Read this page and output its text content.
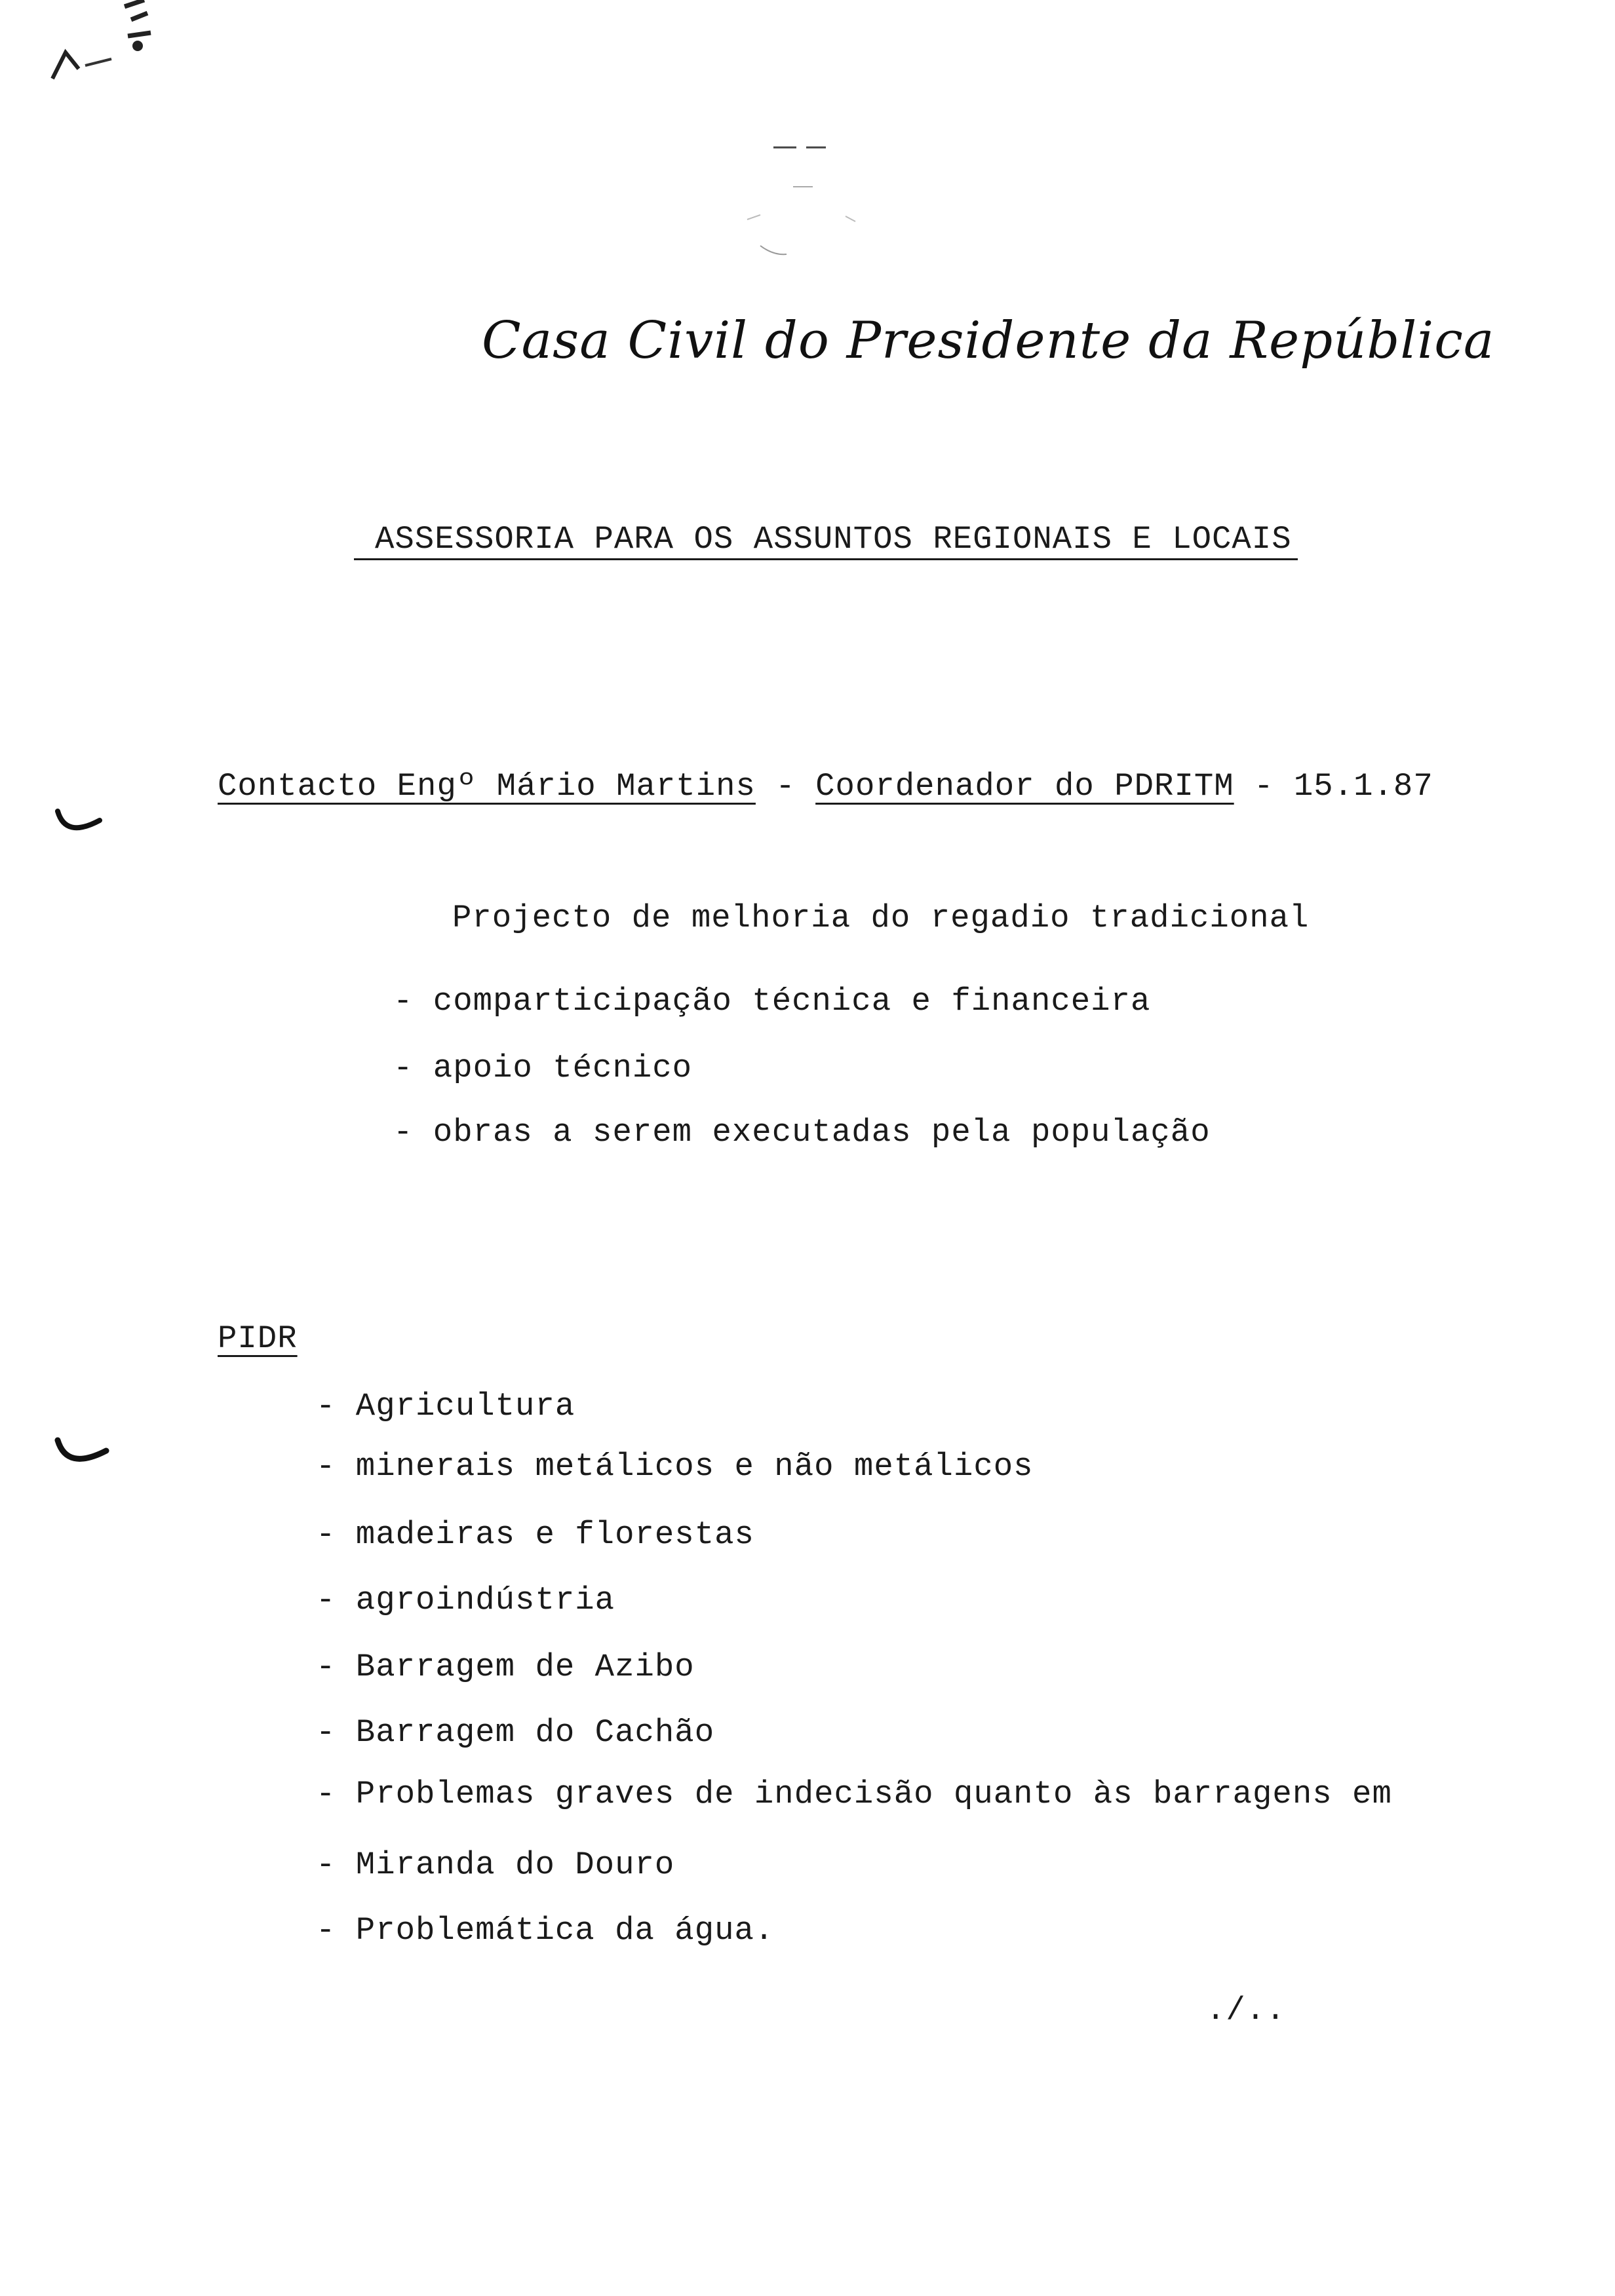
Casa Civil do Presidente da República
ASSESSORIA PARA OS ASSUNTOS REGIONAIS E LOCAIS
Contacto Engº Mário Martins - Coordenador do PDRITM - 15.1.87
Projecto de melhoria do regadio tradicional
- comparticipação técnica e financeira
- apoio técnico
- obras a serem executadas pela população
PIDR
- Agricultura
- minerais metálicos e não metálicos
- madeiras e florestas
- agroindústria
- Barragem de Azibo
- Barragem do Cachão
- Problemas graves de indecisão quanto às barragens em
- Miranda do Douro
- Problemática da água.
./..
